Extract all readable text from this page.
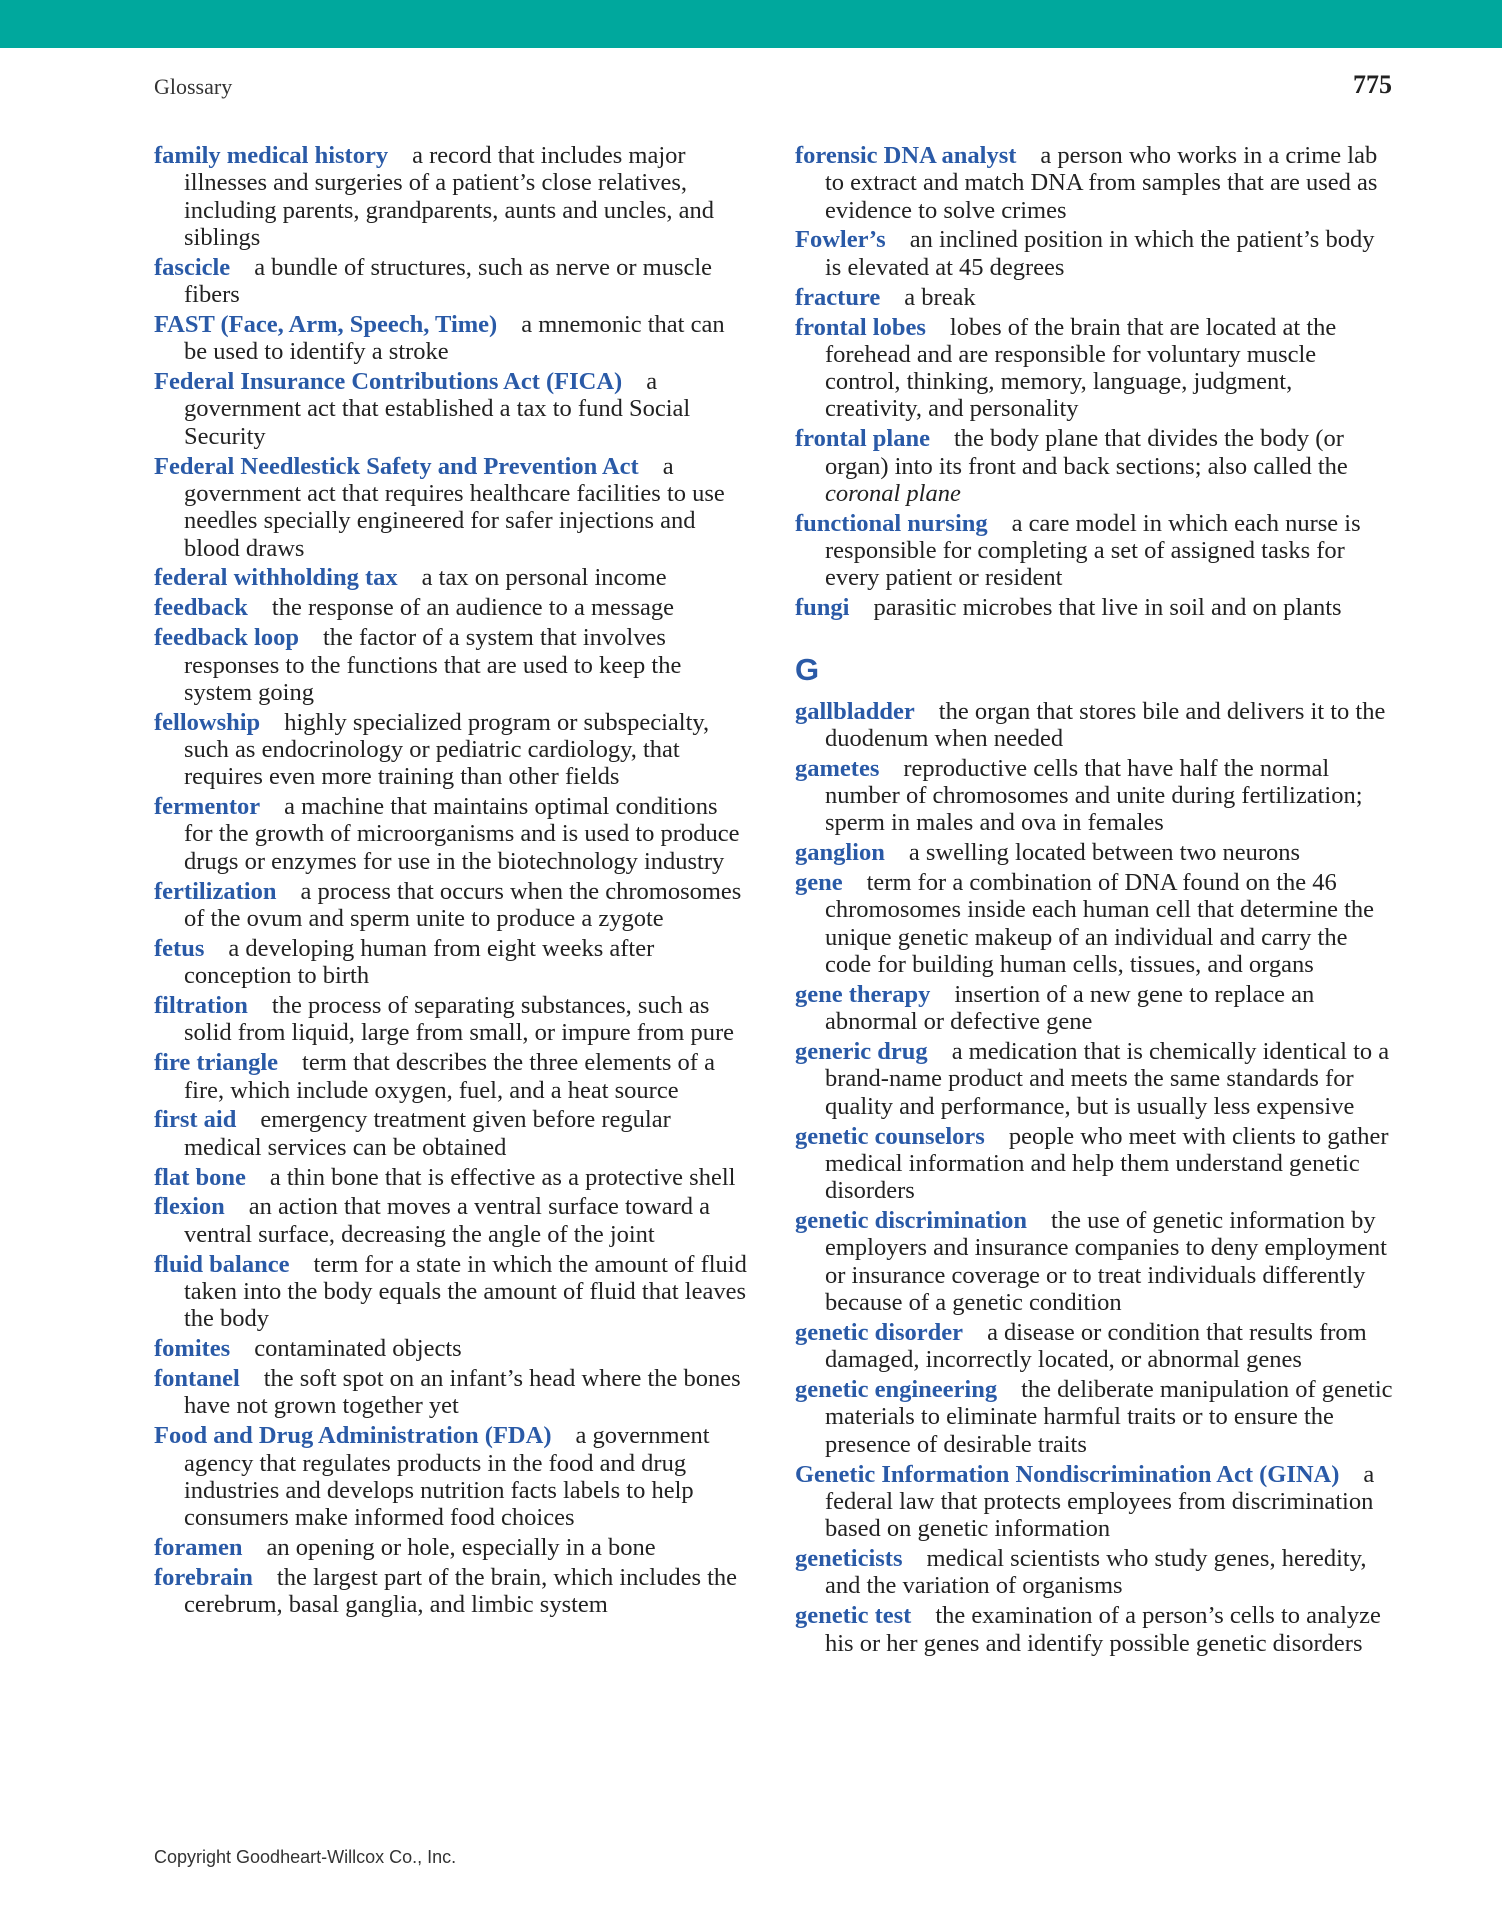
Glossary	775
family medical history a record that includes major illnesses and surgeries of a patient’s close relatives, including parents, grandparents, aunts and uncles, and siblings
fascicle a bundle of structures, such as nerve or muscle fibers
FAST (Face, Arm, Speech, Time) a mnemonic that can be used to identify a stroke
Federal Insurance Contributions Act (FICA) a government act that established a tax to fund Social Security
Federal Needlestick Safety and Prevention Act a government act that requires healthcare facilities to use needles specially engineered for safer injections and blood draws
federal withholding tax a tax on personal income
feedback the response of an audience to a message
feedback loop the factor of a system that involves responses to the functions that are used to keep the system going
fellowship highly specialized program or subspecialty, such as endocrinology or pediatric cardiology, that requires even more training than other fields
fermentor a machine that maintains optimal conditions for the growth of microorganisms and is used to produce drugs or enzymes for use in the biotechnology industry
fertilization a process that occurs when the chromosomes of the ovum and sperm unite to produce a zygote
fetus a developing human from eight weeks after conception to birth
filtration the process of separating substances, such as solid from liquid, large from small, or impure from pure
fire triangle term that describes the three elements of a fire, which include oxygen, fuel, and a heat source
first aid emergency treatment given before regular medical services can be obtained
flat bone a thin bone that is effective as a protective shell
flexion an action that moves a ventral surface toward a ventral surface, decreasing the angle of the joint
fluid balance term for a state in which the amount of fluid taken into the body equals the amount of fluid that leaves the body
fomites contaminated objects
fontanel the soft spot on an infant’s head where the bones have not grown together yet
Food and Drug Administration (FDA) a government agency that regulates products in the food and drug industries and develops nutrition facts labels to help consumers make informed food choices
foramen an opening or hole, especially in a bone
forebrain the largest part of the brain, which includes the cerebrum, basal ganglia, and limbic system
forensic DNA analyst a person who works in a crime lab to extract and match DNA from samples that are used as evidence to solve crimes
Fowler’s an inclined position in which the patient’s body is elevated at 45 degrees
fracture a break
frontal lobes lobes of the brain that are located at the forehead and are responsible for voluntary muscle control, thinking, memory, language, judgment, creativity, and personality
frontal plane the body plane that divides the body (or organ) into its front and back sections; also called the coronal plane
functional nursing a care model in which each nurse is responsible for completing a set of assigned tasks for every patient or resident
fungi parasitic microbes that live in soil and on plants
G
gallbladder the organ that stores bile and delivers it to the duodenum when needed
gametes reproductive cells that have half the normal number of chromosomes and unite during fertilization; sperm in males and ova in females
ganglion a swelling located between two neurons
gene term for a combination of DNA found on the 46 chromosomes inside each human cell that determine the unique genetic makeup of an individual and carry the code for building human cells, tissues, and organs
gene therapy insertion of a new gene to replace an abnormal or defective gene
generic drug a medication that is chemically identical to a brand-name product and meets the same standards for quality and performance, but is usually less expensive
genetic counselors people who meet with clients to gather medical information and help them understand genetic disorders
genetic discrimination the use of genetic information by employers and insurance companies to deny employment or insurance coverage or to treat individuals differently because of a genetic condition
genetic disorder a disease or condition that results from damaged, incorrectly located, or abnormal genes
genetic engineering the deliberate manipulation of genetic materials to eliminate harmful traits or to ensure the presence of desirable traits
Genetic Information Nondiscrimination Act (GINA) a federal law that protects employees from discrimination based on genetic information
geneticists medical scientists who study genes, heredity, and the variation of organisms
genetic test the examination of a person’s cells to analyze his or her genes and identify possible genetic disorders
Copyright Goodheart-Willcox Co., Inc.
